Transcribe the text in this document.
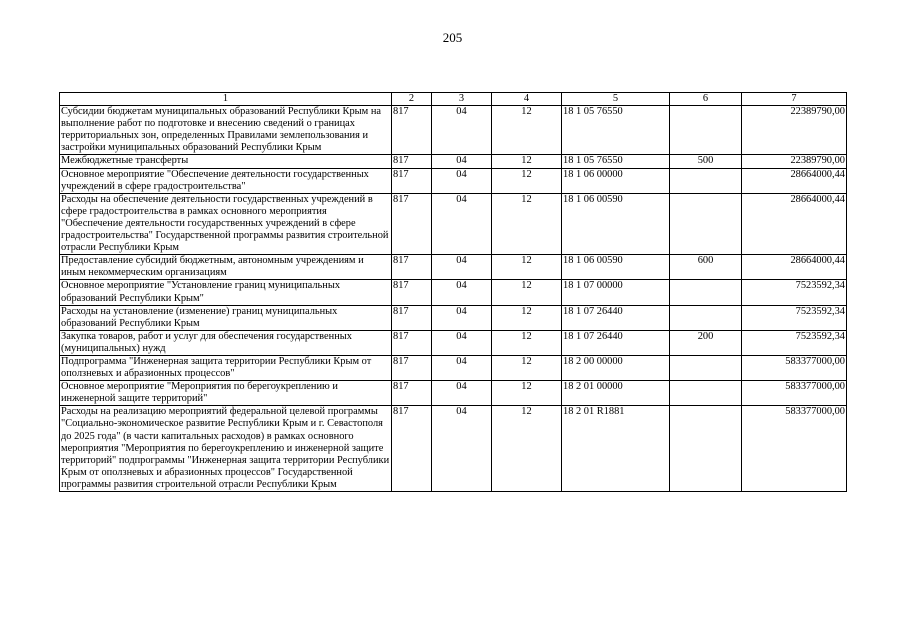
205
1	2	3	4	5	6	7
Субсидии бюджетам муниципальных образований Республики Крым на выполнение работ по подготовке и внесению сведений о границах территориальных зон, определенных Правилами землепользования и застройки муниципальных образований Республики Крым	817	04	12	18 1 05 76550		22389790,00
Межбюджетные трансферты	817	04	12	18 1 05 76550	500	22389790,00
Основное мероприятие "Обеспечение деятельности государственных учреждений в сфере градостроительства"	817	04	12	18 1 06 00000		28664000,44
Расходы на обеспечение деятельности государственных учреждений в сфере градостроительства в рамках основного мероприятия "Обеспечение деятельности государственных учреждений в сфере градостроительства" Государственной программы развития строительной отрасли Республики Крым	817	04	12	18 1 06 00590		28664000,44
Предоставление субсидий бюджетным, автономным учреждениям и иным некоммерческим организациям	817	04	12	18 1 06 00590	600	28664000,44
Основное мероприятие "Установление границ муниципальных образований Республики Крым"	817	04	12	18 1 07 00000		7523592,34
Расходы на установление (изменение) границ муниципальных образований Республики Крым	817	04	12	18 1 07 26440		7523592,34
Закупка товаров, работ и услуг для обеспечения государственных (муниципальных) нужд	817	04	12	18 1 07 26440	200	7523592,34
Подпрограмма "Инженерная защита территории Республики Крым от оползневых и абразионных процессов"	817	04	12	18 2 00 00000		583377000,00
Основное мероприятие "Мероприятия по берегоукреплению и инженерной защите территорий"	817	04	12	18 2 01 00000		583377000,00
Расходы на реализацию мероприятий федеральной целевой программы "Социально-экономическое развитие Республики Крым и г. Севастополя до 2025 года" (в части капитальных расходов) в рамках основного мероприятия "Мероприятия по берегоукреплению и инженерной защите территорий" подпрограммы "Инженерная защита территории Республики Крым от оползневых и абразионных процессов" Государственной программы развития строительной отрасли Республики Крым	817	04	12	18 2 01 R1881		583377000,00
